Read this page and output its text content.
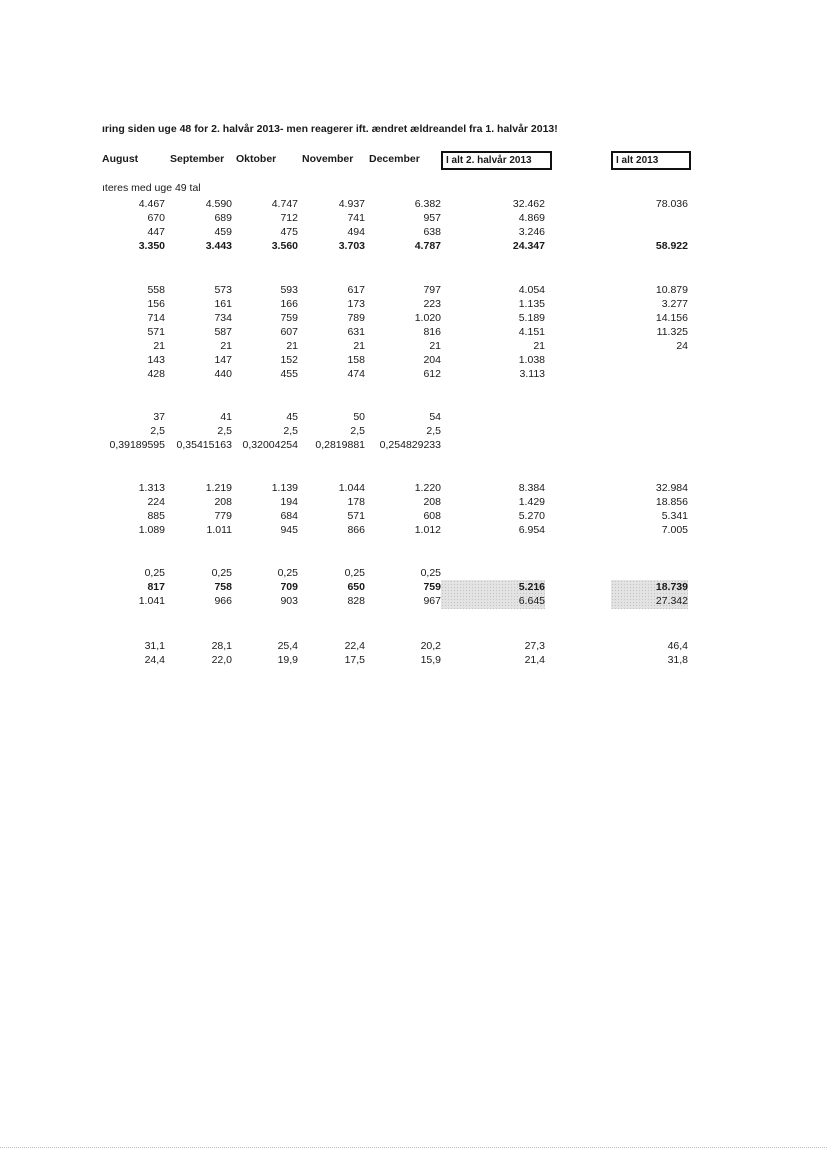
ıring siden uge 48 for 2. halvår 2013- men reagerer ift. ændret ældreandel fra 1. halvår 2013!
August	September Oktober November December	I alt 2. halvår 2013	I alt 2013
ıteres med uge 49 tal
4.467	4.590	4.747	4.937	6.382	32.462	78.036
670	689	712	741	957	4.869
447	459	475	494	638	3.246
3.350	3.443	3.560	3.703	4.787	24.347	58.922
558	573	593	617	797	4.054	10.879
156	161	166	173	223	1.135	3.277
714	734	759	789	1.020	5.189	14.156
571	587	607	631	816	4.151	11.325
21	21	21	21	21	21	24
143	147	152	158	204	1.038
428	440	455	474	612	3.113
37	41	45	50	54
2,5	2,5	2,5	2,5	2,5
0,39189595	0,35415163	0,32004254	0,2819881	0,254829233
1.313	1.219	1.139	1.044	1.220	8.384	32.984
224	208	194	178	208	1.429	18.856
885	779	684	571	608	5.270	5.341
1.089	1.011	945	866	1.012	6.954	7.005
0,25	0,25	0,25	0,25	0,25
817	758	709	650	759	5.216	18.739
1.041	966	903	828	967	6.645	27.342
31,1	28,1	25,4	22,4	20,2	27,3	46,4
24,4	22,0	19,9	17,5	15,9	21,4	31,8
